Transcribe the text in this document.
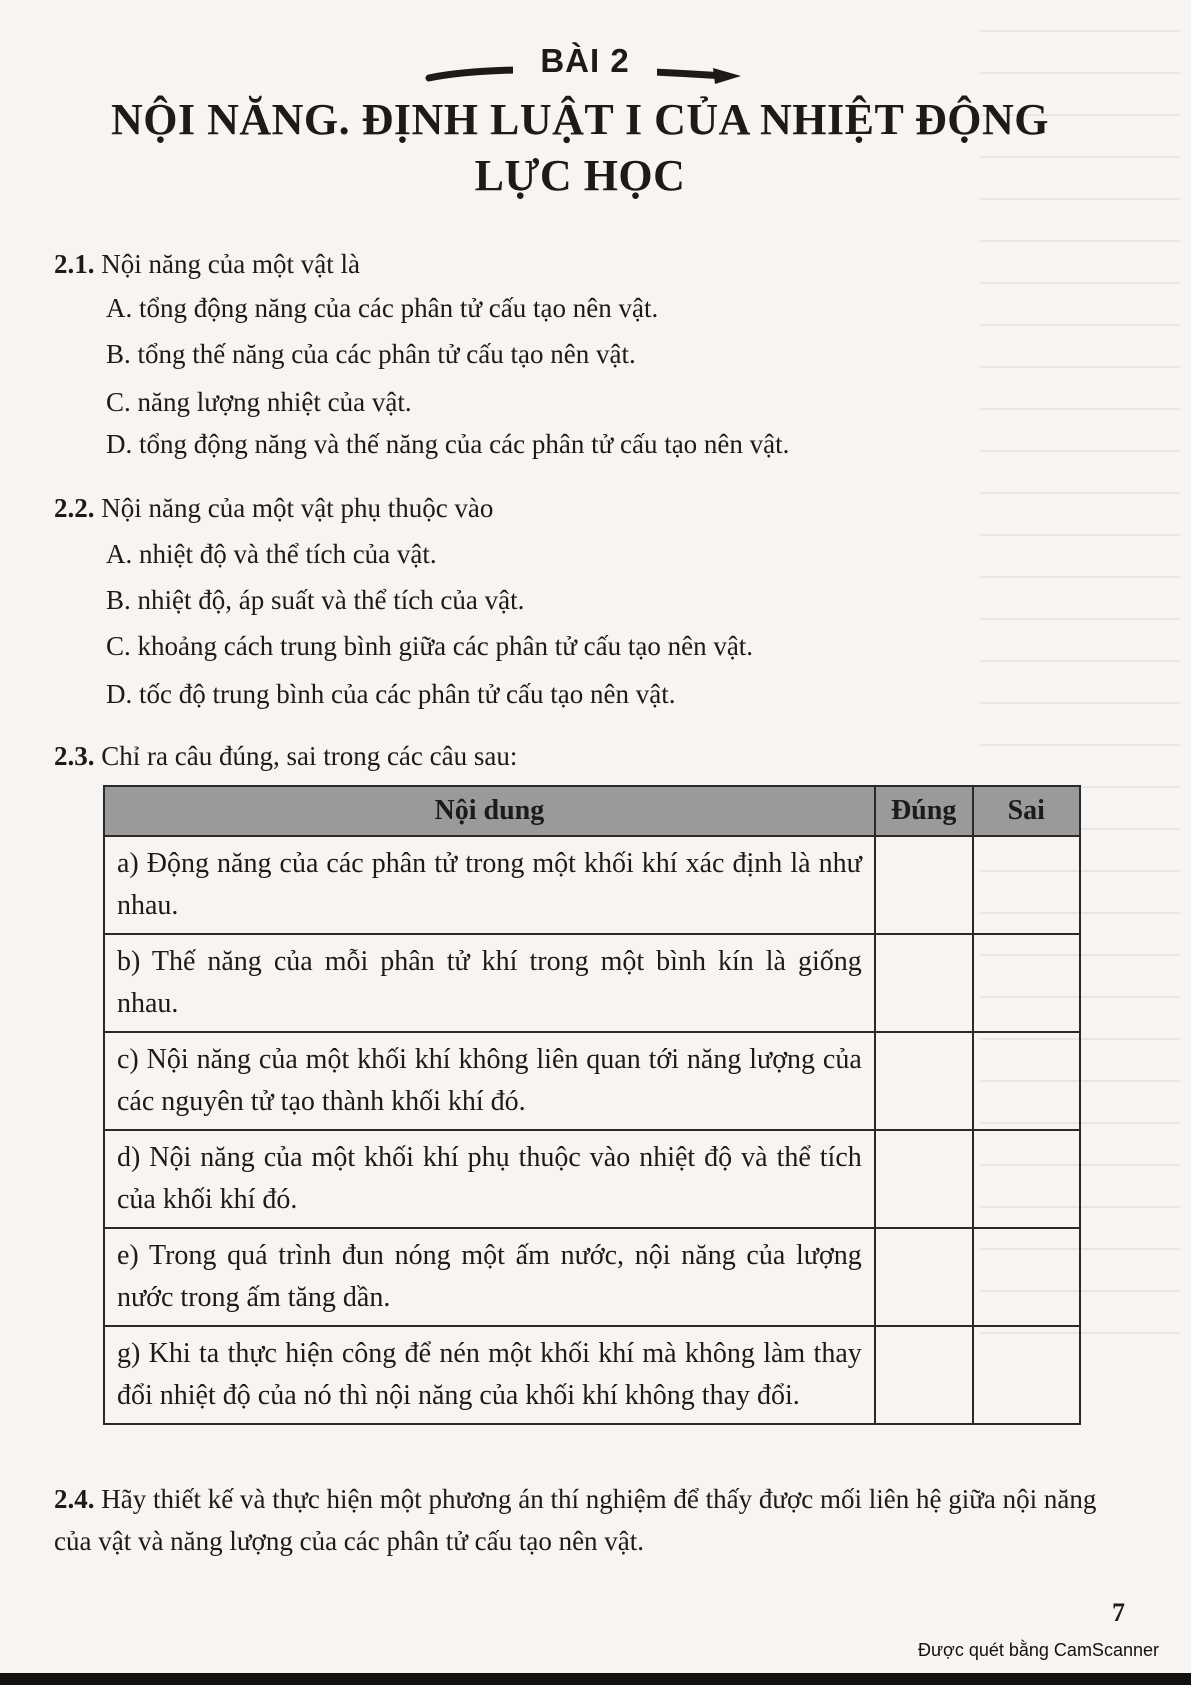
BÀI 2
NỘI NĂNG. ĐỊNH LUẬT I CỦA NHIỆT ĐỘNG
LỰC HỌC
2.1. Nội năng của một vật là
A. tổng động năng của các phân tử cấu tạo nên vật.
B. tổng thế năng của các phân tử cấu tạo nên vật.
C. năng lượng nhiệt của vật.
D. tổng động năng và thế năng của các phân tử cấu tạo nên vật.
2.2. Nội năng của một vật phụ thuộc vào
A. nhiệt độ và thể tích của vật.
B. nhiệt độ, áp suất và thể tích của vật.
C. khoảng cách trung bình giữa các phân tử cấu tạo nên vật.
D. tốc độ trung bình của các phân tử cấu tạo nên vật.
2.3. Chỉ ra câu đúng, sai trong các câu sau:
Nội dung	Đúng	Sai
a) Động năng của các phân tử trong một khối khí xác định là như nhau.		
b) Thế năng của mỗi phân tử khí trong một bình kín là giống nhau.		
c) Nội năng của một khối khí không liên quan tới năng lượng của các nguyên tử tạo thành khối khí đó.		
d) Nội năng của một khối khí phụ thuộc vào nhiệt độ và thể tích của khối khí đó.		
e) Trong quá trình đun nóng một ấm nước, nội năng của lượng nước trong ấm tăng dần.		
g) Khi ta thực hiện công để nén một khối khí mà không làm thay đổi nhiệt độ của nó thì nội năng của khối khí không thay đổi.		
2.4. Hãy thiết kế và thực hiện một phương án thí nghiệm để thấy được mối liên hệ giữa nội năng của vật và năng lượng của các phân tử cấu tạo nên vật.
7
Được quét bằng CamScanner
